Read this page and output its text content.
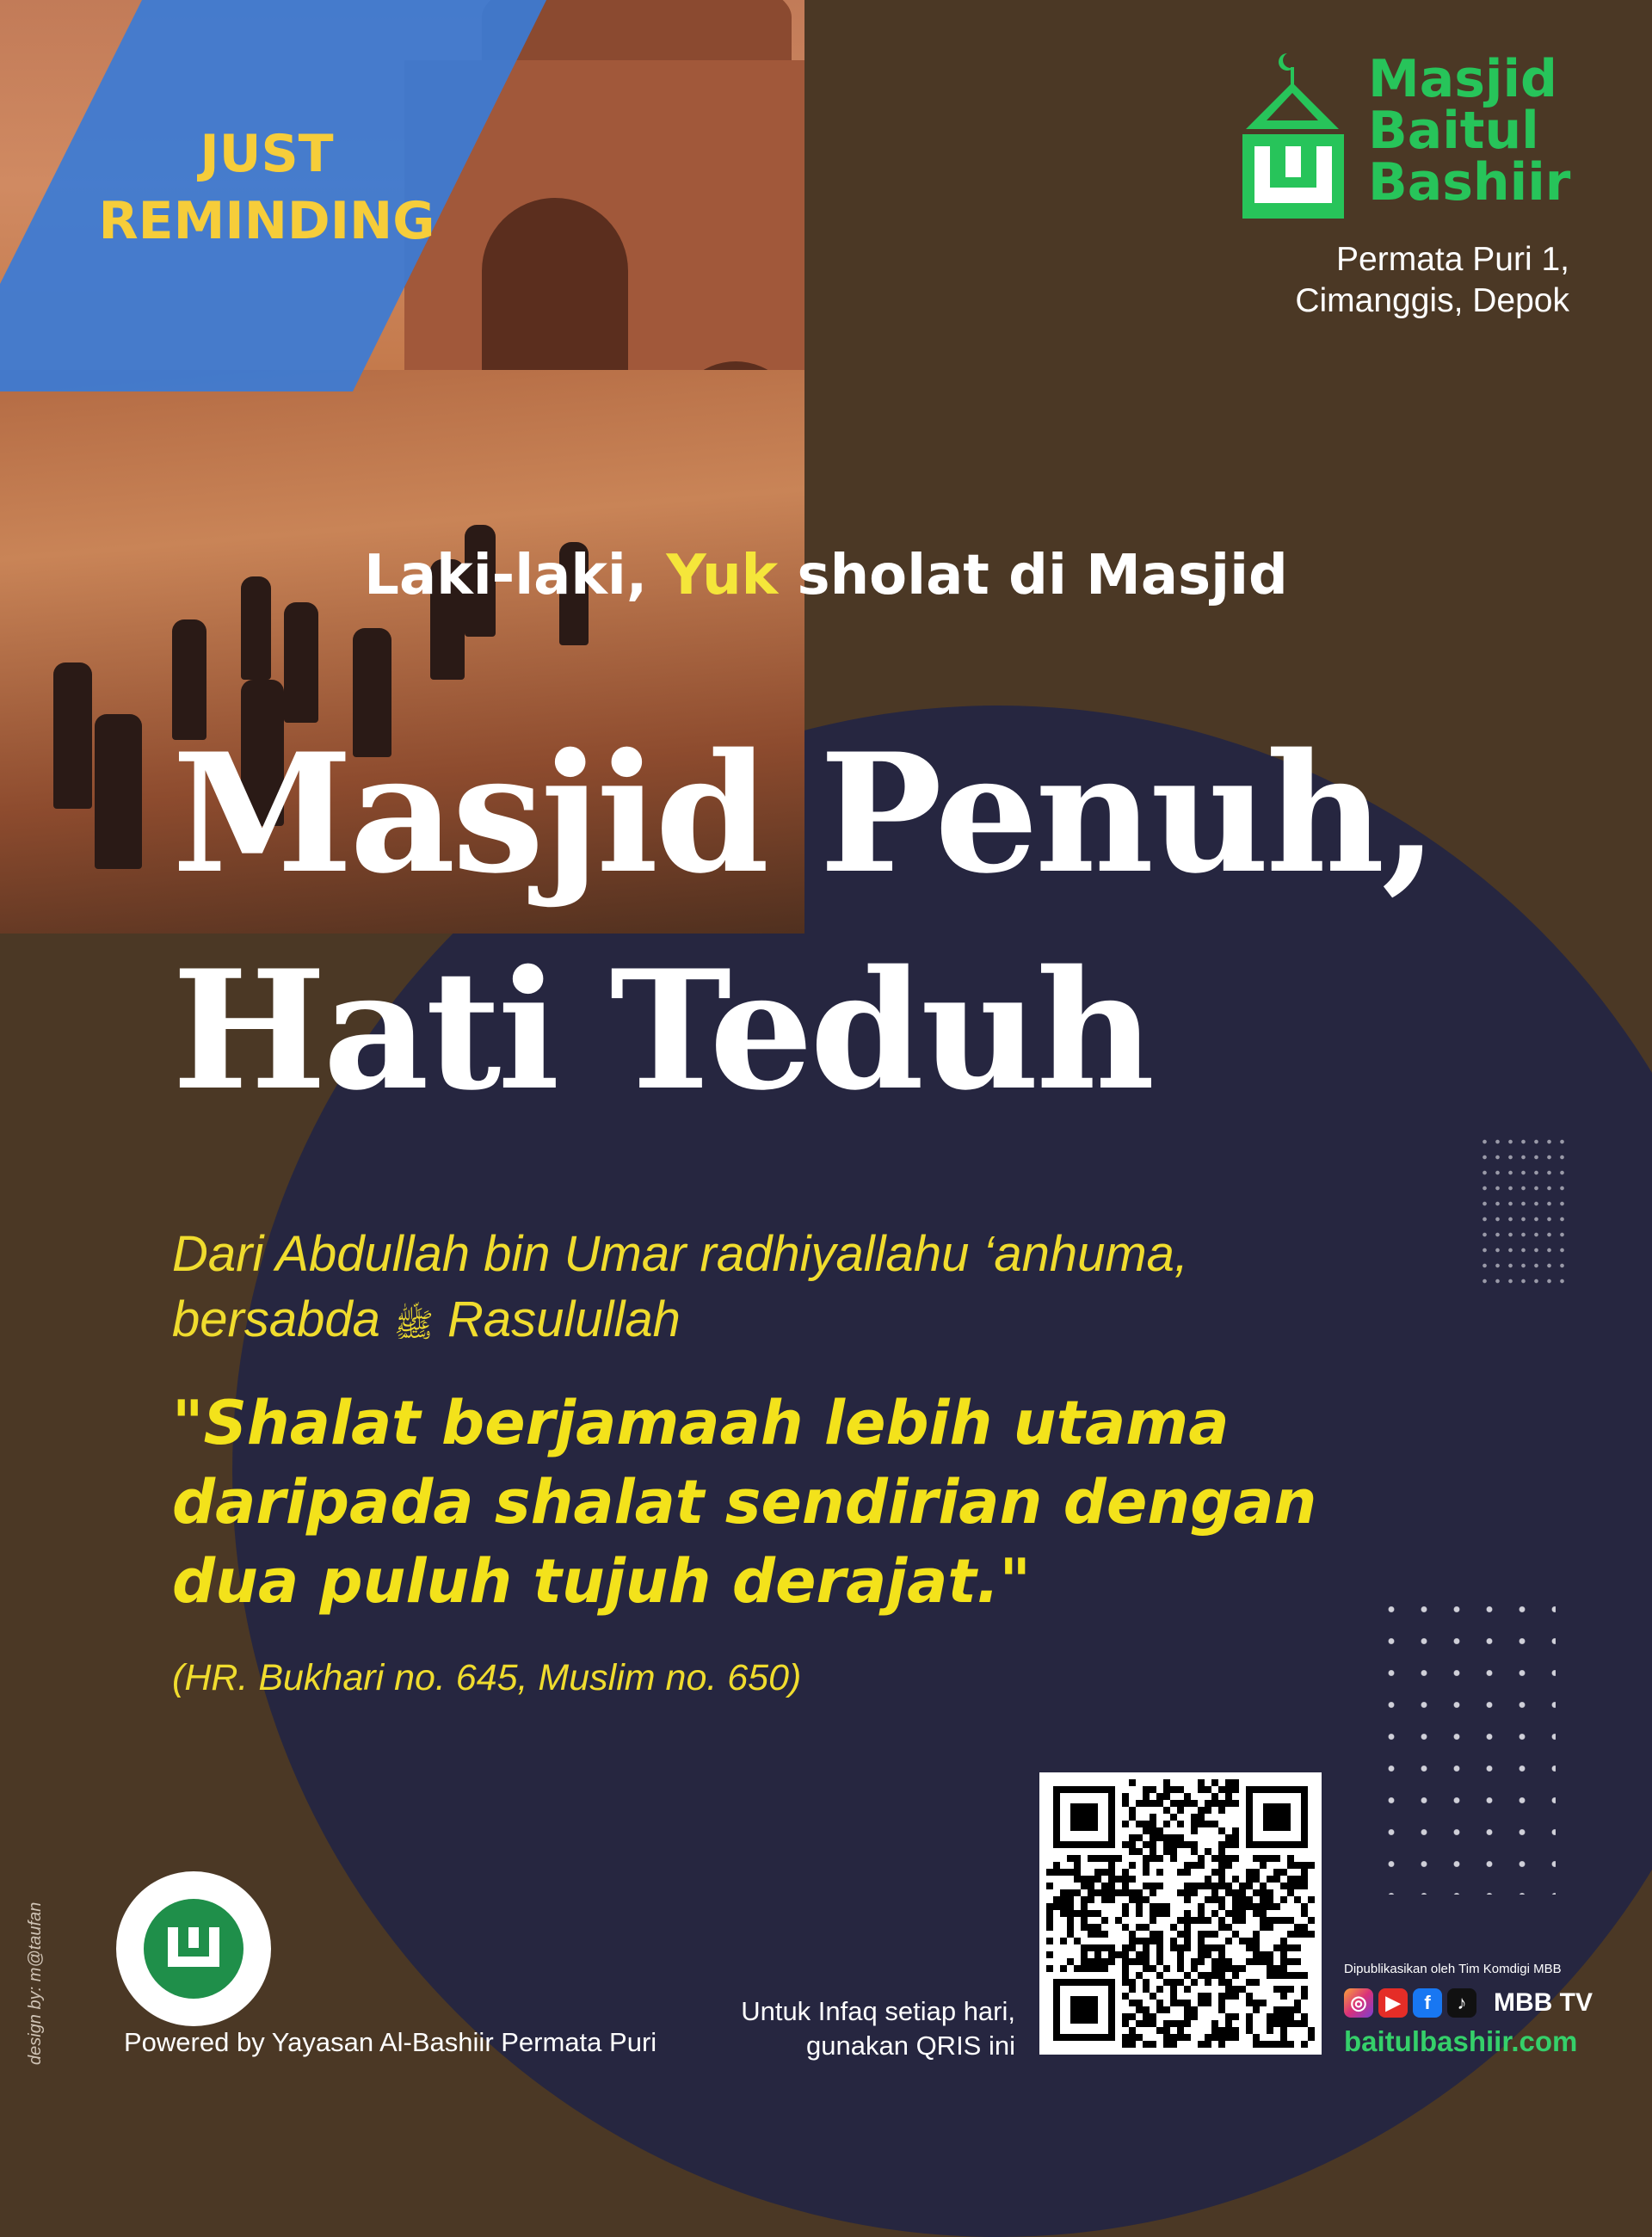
JUST REMINDING
Masjid
Baitul
Bashiir
Permata Puri 1,
Cimanggis, Depok
Laki-laki, Yuk sholat di Masjid
Masjid Penuh,
Hati Teduh
Dari Abdullah bin Umar radhiyallahu ‘anhuma,
bersabda ﷺ Rasulullah
"Shalat berjamaah lebih utama
daripada shalat sendirian dengan
dua puluh tujuh derajat."
(HR. Bukhari no. 645, Muslim no. 650)
design by: m@taufan	Powered by Yayasan Al-Bashiir Permata Puri
Untuk Infaq setiap hari,
gunakan QRIS ini
Dipublikasikan oleh Tim Komdigi MBB
◎ ▶	f	♪	MBB TV
baitulbashiir.com
